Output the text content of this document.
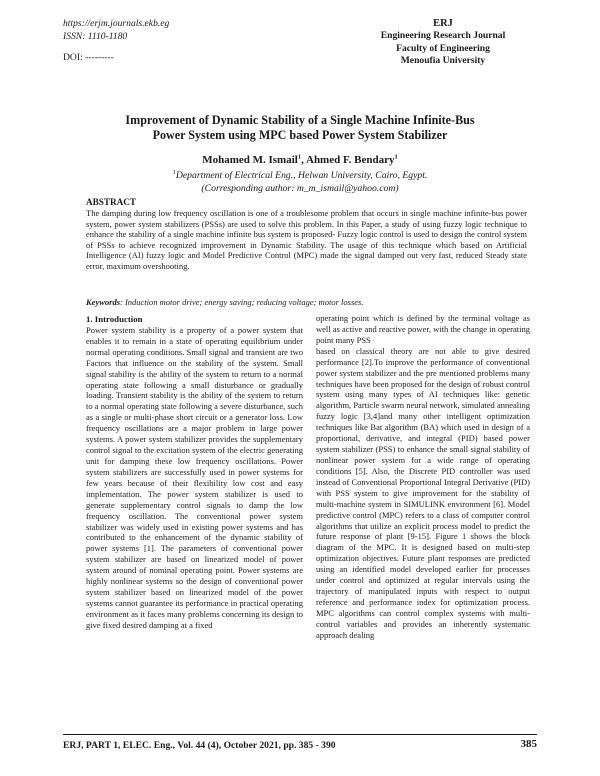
https://erjm.journals.ekb.eg
ISSN: 1110-1180
DOI: ---------
ERJ
Engineering Research Journal
Faculty of Engineering
Menoufia University
Improvement of Dynamic Stability of a Single Machine Infinite-Bus
Power System using MPC based Power System Stabilizer
Mohamed M. Ismail$^1$, Ahmed F. Bendary$^1$
$^1$Department of Electrical Eng., Helwan University, Cairo, Egypt.
(Corresponding author: m_m_ismail@yahoo.com)
ABSTRACT
The damping during low frequency oscillation is one of a troublesome problem that occurs in single machine infinite-bus power system, power system stabilizers (PSSs) are used to solve this problem. In this Paper, a study of using fuzzy logic technique to enhance the stability of a single machine infinite bus system is proposed- Fuzzy logic control is used to design the control system of PSSs to achieve recognized improvement in Dynamic Stability. The usage of this technique which based on Artificial Intelligence (AI) fuzzy logic and Model Predictive Control (MPC) made the signal damped out very fast, reduced Steady state error, maximum overshooting.
Keywords: Induction motor drive; energy saving; reducing voltage; motor losses.
1. Introduction

Power system stability is a property of a power system that enables it to remain in a state of operating equilibrium under normal operating conditions. Small signal and transient are two Factors that influence on the stability of the system. Small signal stability is the ability of the system to return to a normal operating state following a small disturbance or gradually loading. Transient stability is the ability of the system to return to a normal operating state following a severe disturbance, such as a single or multi-phase short circuit or a generator loss. Low frequency oscillations are a major problem in large power systems. A power system stabilizer provides the supplementary control signal to the excitation system of the electric generating unit for damping these low frequency oscillations. Power system stabilizers are successfully used in power systems for few years because of their flexibility low cost and easy implementation. The power system stabilizer is used to generate supplementary control signals to damp the low frequency oscillation. The conventional power system stabilizer was widely used in existing power systems and has contributed to the enhancement of the dynamic stability of power systems [1]. The parameters of conventional power system stabilizer are based on linearized model of power system around of nominal operating point. Power systems are highly nonlinear systems so the design of conventional power system stabilizer based on linearized model of the power systems cannot guarantee its performance in practical operating environment as it faces many problems concerning its design to give fixed desired damping at a fixed

operating point which is defined by the terminal voltage as well as active and reactive power, with the change in operating point many PSS

based on classical theory are not able to give desired performance [2].To improve the performance of conventional power system stabilizer and the pre mentioned problems many techniques have been proposed for the design of robust control system using many types of AI techniques like: genetic algorithm, Particle swarm neural network, simulated annealing fuzzy logic [3,4]and many other intelligent optimization techniques like Bat algorithm (BA) which used in design of a proportional, derivative, and integral (PID) based power system stabilizer (PSS) to enhance the small signal stability of nonlinear power system for a wide range of operating conditions [5]. Also, the Discrete PID controller was used instead of Conventional Proportional Integral Derivative (PID) with PSS system to give improvement for the stability of multi-machine system in SIMULINK environment [6]. Model predictive control (MPC) refers to a class of computer control algorithms that utilize an explicit process model to predict the future response of plant [9-15]. Figure 1 shows the block diagram of the MPC. It is designed based on multi-step optimization objectives. Future plant responses are predicted using an identified model developed earlier for processes under control and optimized at regular intervals using the trajectory of manipulated inputs with respect to output reference and performance index for optimization process. MPC algorithms can control complex systems with multi-control variables and provides an inherently systematic approach dealing

ERJ, PART 1, ELEC. Eng., Vol. 44 (4), October 2021, pp. 385 - 390	385
